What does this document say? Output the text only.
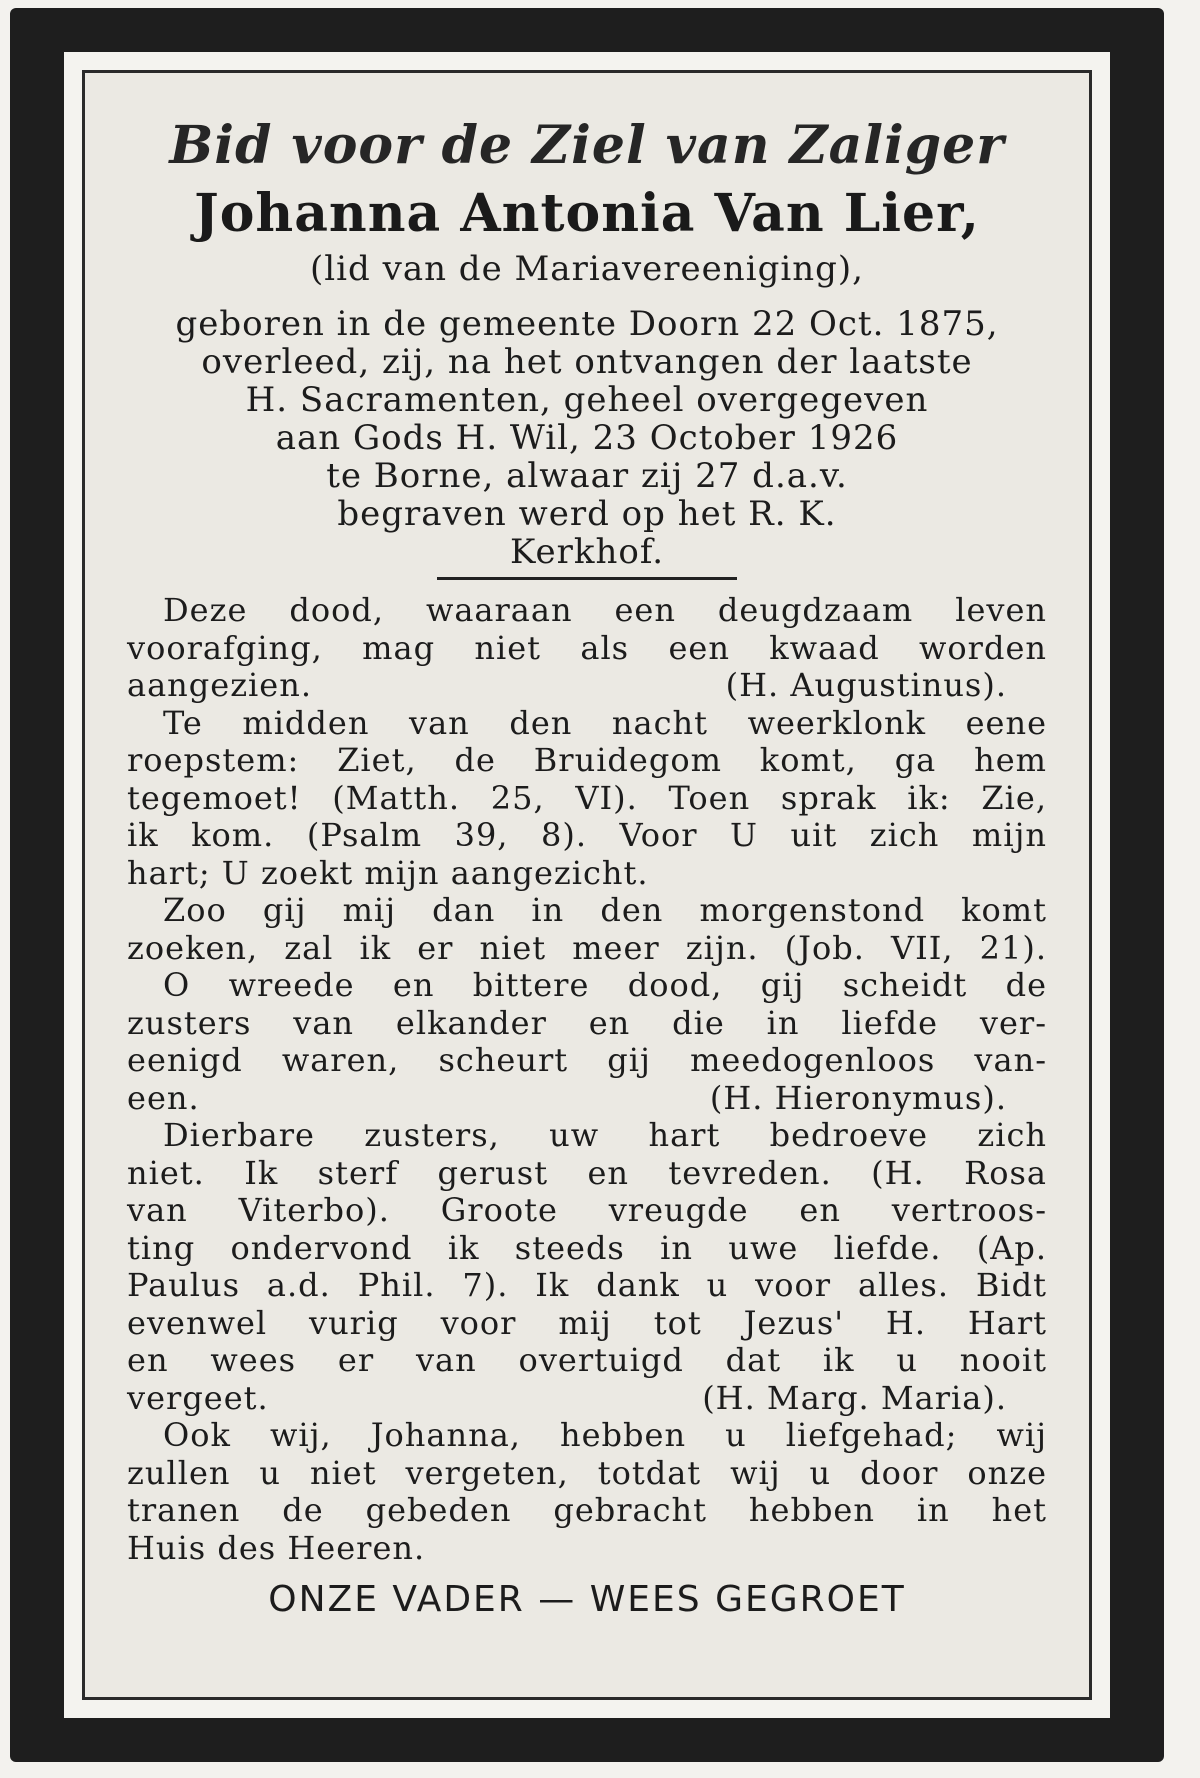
Bid voor de Ziel van Zaliger
Johanna Antonia Van Lier,
(lid van de Mariavereeniging),
geboren in de gemeente Doorn 22 Oct. 1875,
overleed, zij, na het ontvangen der laatste
H. Sacramenten, geheel overgegeven
aan Gods H. Wil, 23 October 1926
te Borne, alwaar zij 27 d.a.v.
begraven werd op het R. K.
Kerkhof.
Deze dood, waaraan een deugdzaam leven
voorafging, mag niet als een kwaad worden
aangezien.	(H. Augustinus).
Te midden van den nacht weerklonk eene
roepstem: Ziet, de Bruidegom komt, ga hem
tegemoet! (Matth. 25, VI). Toen sprak ik: Zie,
ik kom. (Psalm 39, 8). Voor U uit zich mijn
hart; U zoekt mijn aangezicht.
Zoo gij mij dan in den morgenstond komt
zoeken, zal ik er niet meer zijn. (Job. VII, 21).
O wreede en bittere dood, gij scheidt de
zusters van elkander en die in liefde ver-
eenigd waren, scheurt gij meedogenloos van-
een.	(H. Hieronymus).
Dierbare zusters, uw hart bedroeve zich
niet. Ik sterf gerust en tevreden. (H. Rosa
van Viterbo). Groote vreugde en vertroos-
ting ondervond ik steeds in uwe liefde. (Ap.
Paulus a.d. Phil. 7). Ik dank u voor alles. Bidt
evenwel vurig voor mij tot Jezus' H. Hart
en wees er van overtuigd dat ik u nooit
vergeet.	(H. Marg. Maria).
Ook wij, Johanna, hebben u liefgehad; wij
zullen u niet vergeten, totdat wij u door onze
tranen de gebeden gebracht hebben in het
Huis des Heeren.
ONZE VADER — WEES GEGROET
